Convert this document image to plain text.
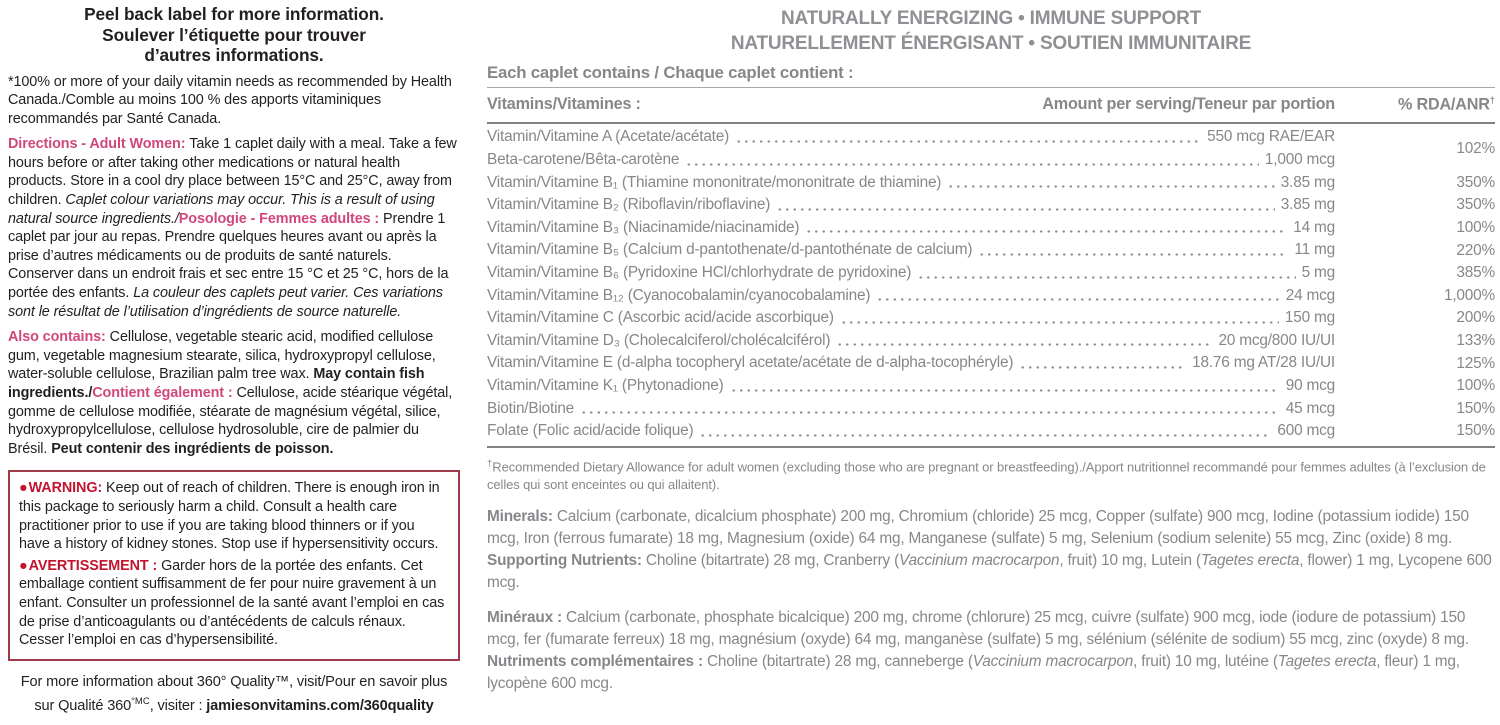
Peel back label for more information.
Soulever l’étiquette pour trouver
d’autres informations.
*100% or more of your daily vitamin needs as recommended by Health Canada./Comble au moins 100 % des apports vitaminiques recommandés par Santé Canada.
Directions - Adult Women: Take 1 caplet daily with a meal. Take a few hours before or after taking other medications or natural health products. Store in a cool dry place between 15°C and 25°C, away from children. Caplet colour variations may occur. This is a result of using natural source ingredients./Posologie - Femmes adultes : Prendre 1 caplet par jour au repas. Prendre quelques heures avant ou après la prise d’autres médicaments ou de produits de santé naturels. Conserver dans un endroit frais et sec entre 15 °C et 25 °C, hors de la portée des enfants. La couleur des caplets peut varier. Ces variations sont le résultat de l’utilisation d’ingrédients de source naturelle.
Also contains: Cellulose, vegetable stearic acid, modified cellulose gum, vegetable magnesium stearate, silica, hydroxypropyl cellulose, water-soluble cellulose, Brazilian palm tree wax. May contain fish ingredients./Contient également : Cellulose, acide stéarique végétal, gomme de cellulose modifiée, stéarate de magnésium végétal, silice, hydroxypropylcellulose, cellulose hydrosoluble, cire de palmier du Brésil. Peut contenir des ingrédients de poisson.
●WARNING: Keep out of reach of children. There is enough iron in this package to seriously harm a child. Consult a health care practitioner prior to use if you are taking blood thinners or if you have a history of kidney stones. Stop use if hypersensitivity occurs.
●AVERTISSEMENT : Garder hors de la portée des enfants. Cet emballage contient suffisamment de fer pour nuire gravement à un enfant. Consulter un professionnel de la santé avant l’emploi en cas de prise d’anticoagulants ou d’antécédents de calculs rénaux. Cesser l’emploi en cas d’hypersensibilité.
For more information about 360° Quality™, visit/Pour en savoir plus
sur Qualité $360^{^\circ MC}$, visiter : jamiesonvitamins.com/360quality
NATURALLY ENERGIZING • IMMUNE SUPPORT
NATURELLEMENT ÉNERGISANT • SOUTIEN IMMUNITAIRE
Each caplet contains / Chaque caplet contient :
Vitamins/Vitamines :	Amount per serving/Teneur par portion	% RDA/ANR†
Vitamin/Vitamine A (Acetate/acétate)	550 mcg RAE/EAR
Beta-carotene/Bêta-carotène	1,000 mcg
102%
Vitamin/Vitamine B₁ (Thiamine mononitrate/mononitrate de thiamine)	3.85 mg	350%
Vitamin/Vitamine B₂ (Riboflavin/riboflavine)	3.85 mg	350%
Vitamin/Vitamine B₃ (Niacinamide/niacinamide)	14 mg	100%
Vitamin/Vitamine B₅ (Calcium d-pantothenate/d-pantothénate de calcium)	11 mg	220%
Vitamin/Vitamine B₆ (Pyridoxine HCl/chlorhydrate de pyridoxine)	5 mg	385%
Vitamin/Vitamine B₁₂ (Cyanocobalamin/cyanocobalamine)	24 mcg	1,000%
Vitamin/Vitamine C (Ascorbic acid/acide ascorbique)	150 mg	200%
Vitamin/Vitamine D₃ (Cholecalciferol/cholécalciférol)	20 mcg/800 IU/UI	133%
Vitamin/Vitamine E (d-alpha tocopheryl acetate/acétate de d-alpha-tocophéryle)	18.76 mg AT/28 IU/UI	125%
Vitamin/Vitamine K₁ (Phytonadione)	90 mcg	100%
Biotin/Biotine	45 mcg	150%
Folate (Folic acid/acide folique)	600 mcg	150%
†Recommended Dietary Allowance for adult women (excluding those who are pregnant or breastfeeding)./Apport nutritionnel recommandé pour femmes adultes (à l’exclusion de celles qui sont enceintes ou qui allaitent).
Minerals: Calcium (carbonate, dicalcium phosphate) 200 mg, Chromium (chloride) 25 mcg, Copper (sulfate) 900 mcg, Iodine (potassium iodide) 150 mcg, Iron (ferrous fumarate) 18 mg, Magnesium (oxide) 64 mg, Manganese (sulfate) 5 mg, Selenium (sodium selenite) 55 mcg, Zinc (oxide) 8 mg. Supporting Nutrients: Choline (bitartrate) 28 mg, Cranberry (Vaccinium macrocarpon, fruit) 10 mg, Lutein (Tagetes erecta, flower) 1 mg, Lycopene 600 mcg.
Minéraux : Calcium (carbonate, phosphate bicalcique) 200 mg, chrome (chlorure) 25 mcg, cuivre (sulfate) 900 mcg, iode (iodure de potassium) 150 mcg, fer (fumarate ferreux) 18 mg, magnésium (oxyde) 64 mg, manganèse (sulfate) 5 mg, sélénium (sélénite de sodium) 55 mcg, zinc (oxyde) 8 mg. Nutriments complémentaires : Choline (bitartrate) 28 mg, canneberge (Vaccinium macrocarpon, fruit) 10 mg, lutéine (Tagetes erecta, fleur) 1 mg, lycopène 600 mcg.
